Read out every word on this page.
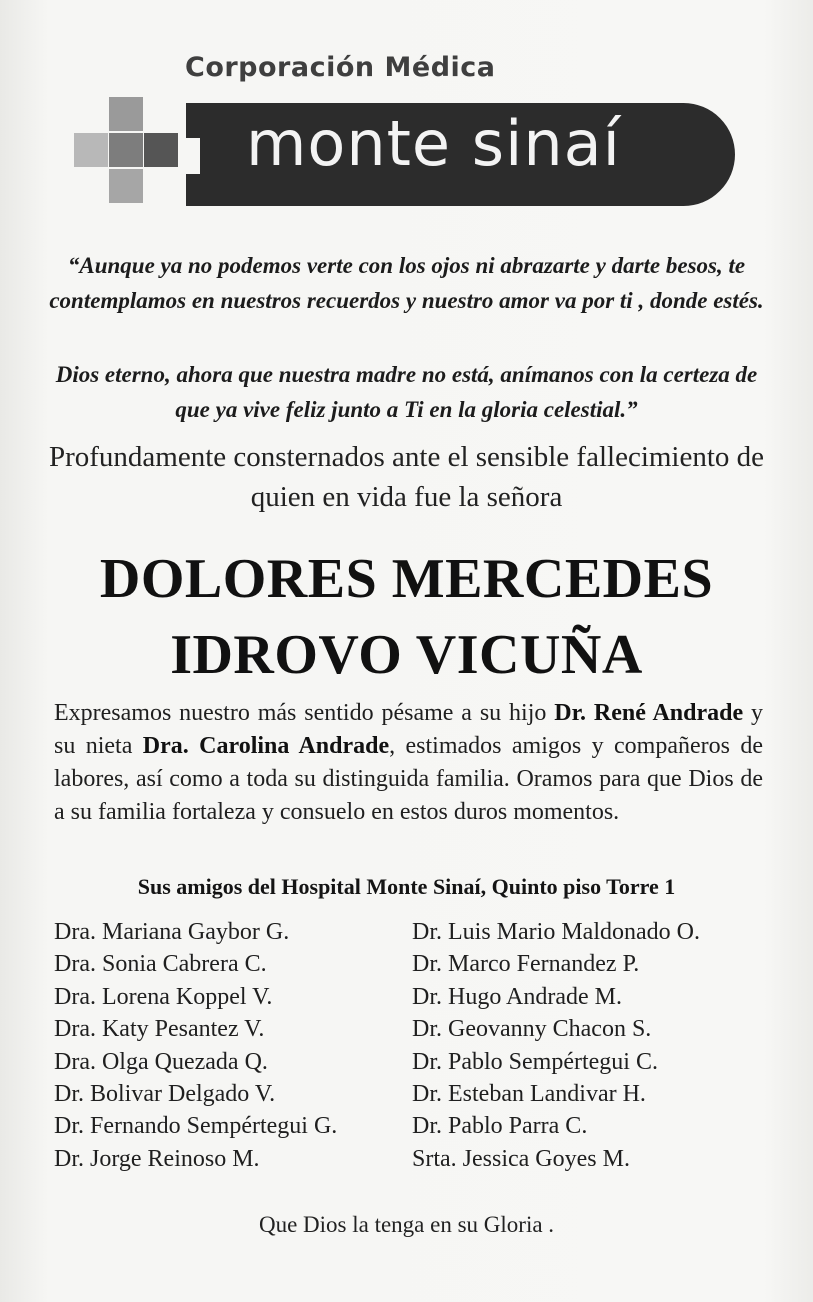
Corporación Médica
monte sinaí
“Aunque ya no podemos verte con los ojos ni abrazarte y darte besos, te contemplamos en nuestros recuerdos y nuestro amor va por ti , donde estés.
Dios eterno, ahora que nuestra madre no está, anímanos con la certeza de que ya vive feliz junto a Ti en la gloria celestial.”
Profundamente consternados ante el sensible fallecimiento de quien en vida fue la señora
DOLORES MERCEDES
IDROVO VICUÑA
Expresamos nuestro más sentido pésame a su hijo Dr. René Andrade y su nieta Dra. Carolina Andrade, estimados amigos y compañeros de labores, así como a toda su distinguida familia. Oramos para que Dios de a su familia fortaleza y consuelo en estos duros momentos.
Sus amigos del Hospital Monte Sinaí, Quinto piso Torre 1
Dra. Mariana Gaybor G.
Dra. Sonia Cabrera C.
Dra. Lorena Koppel V.
Dra. Katy Pesantez V.
Dra. Olga Quezada Q.
Dr. Bolivar Delgado V.
Dr. Fernando Sempértegui G.
Dr. Jorge Reinoso M.
Dr. Luis Mario Maldonado O.
Dr. Marco Fernandez P.
Dr. Hugo Andrade M.
Dr. Geovanny Chacon S.
Dr. Pablo Sempértegui C.
Dr. Esteban Landivar H.
Dr. Pablo Parra C.
Srta. Jessica Goyes M.
Que Dios la tenga en su Gloria .
